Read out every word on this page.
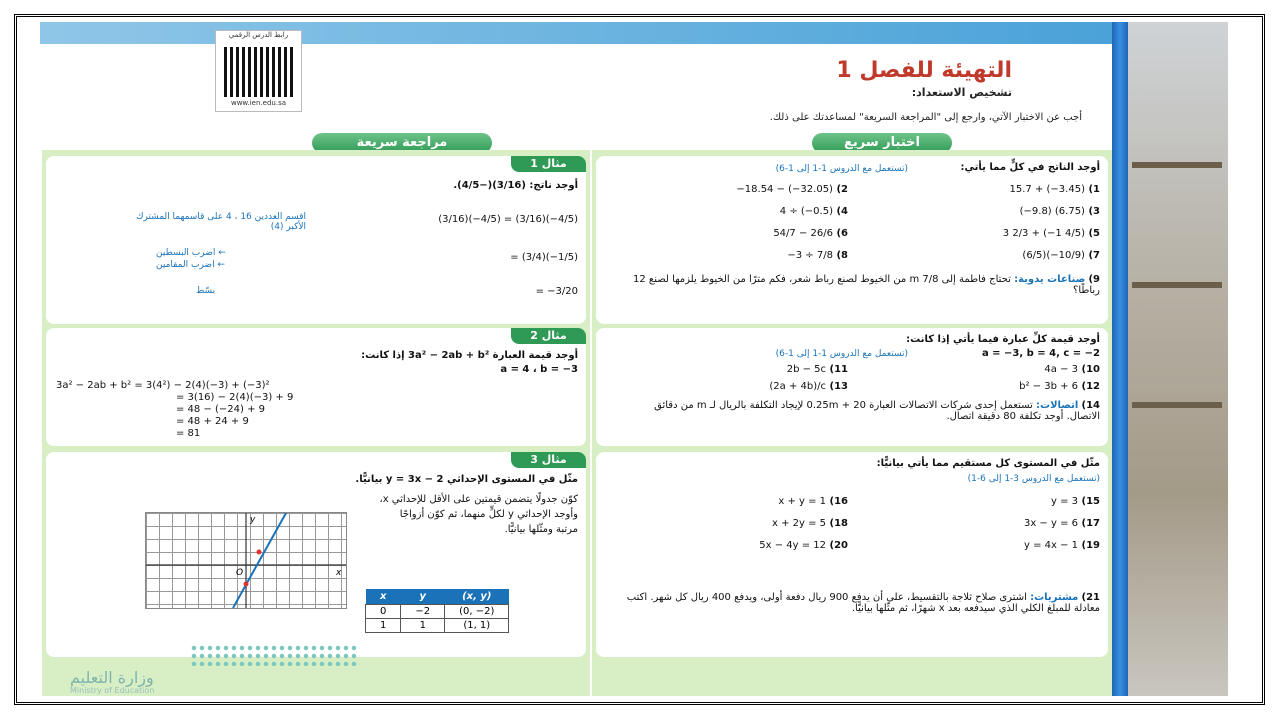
رابط الدرس الرقمي
www.ien.edu.sa
التهيئة للفصل 1
تشخيص الاستعداد:
أجب عن الاختبار الآتي، وارجع إلى "المراجعة السريعة" لمساعدتك على ذلك.
اختبار سريع
مراجعة سريعة
أوجد الناتج في كلٍّ مما يأتي:
(تستعمل مع الدروس 1-1 إلى 1-6)
1) 15.7 + (−3.45)
2) −18.54 − (−32.05)
3) (−9.8) (6.75)
4) 4 ÷ (−0.5)
5) 3 2/3 + (−1 4/5)
6) 54/7 − 26/6
7) (6/5)(−10/9)
8) −3 ÷ 7/8
9) صناعات يدوية: تحتاج فاطمة إلى 7/8 m من الخيوط لصنع رباط شعر، فكم مترًا من الخيوط يلزمها لصنع 12 رباطًا؟
أوجد قيمة كلِّ عبارة فيما يأتي إذا كانت:
a = −3, b = 4, c = −2
(تستعمل مع الدروس 1-1 إلى 1-6)
10) 4a − 3
11) 2b − 5c
12) b² − 3b + 6
13) (2a + 4b)/c
14) اتصالات: تستعمل إحدى شركات الاتصالات العبارة 0.25m + 20 لإيجاد التكلفة بالريال لـ m من دقائق الاتصال. أوجد تكلفة 80 دقيقة اتصال.
مثّل في المستوى كل مستقيم مما يأتي بيانيًّا:
(تستعمل مع الدروس 3-1 إلى 6-1)
15) y = 3
16) x + y = 1
17) 3x − y = 6
18) x + 2y = 5
19) y = 4x − 1
20) 5x − 4y = 12
21) مشتريات: اشترى صلاح ثلاجة بالتقسيط، على أن يدفع 900 ريال دفعة أولى، ويدفع 400 ريال كل شهر. اكتب معادلة للمبلغ الكلي الذي سيدفعه بعد x شهرًا، ثم مثّلها بيانيًّا.
مثال 1
أوجد ناتج: (3/16)(−4/5).
(3/16)(−4/5) = (3/16)(−4/5)
اقسم العددين 16 ، 4 على قاسمهما المشترك الأكبر (4)
= (3/4)(−1/5)
← اضرب البسطين
← اضرب المقامين
= −3/20
بسّط
مثال 2
أوجد قيمة العبارة 3a² − 2ab + b² إذا كانت:
a = 4 ، b = −3
3a² − 2ab + b² = 3(4²) − 2(4)(−3) + (−3)²
= 3(16) − 2(4)(−3) + 9
= 48 − (−24) + 9
= 48 + 24 + 9
= 81
مثال 3
مثّل في المستوى الإحداثي y = 3x − 2 بيانيًّا.
كوّن جدولًا يتضمن قيمتين على الأقل للإحداثي x، وأوجد الإحداثي y لكلٍّ منهما، ثم كوّن أزواجًا مرتبة ومثّلها بيانيًّا.
y
x
O
x	y	(x, y)
0	−2	(0, −2)
1	1	(1, 1)
وزارة التعليم
Ministry of Education
